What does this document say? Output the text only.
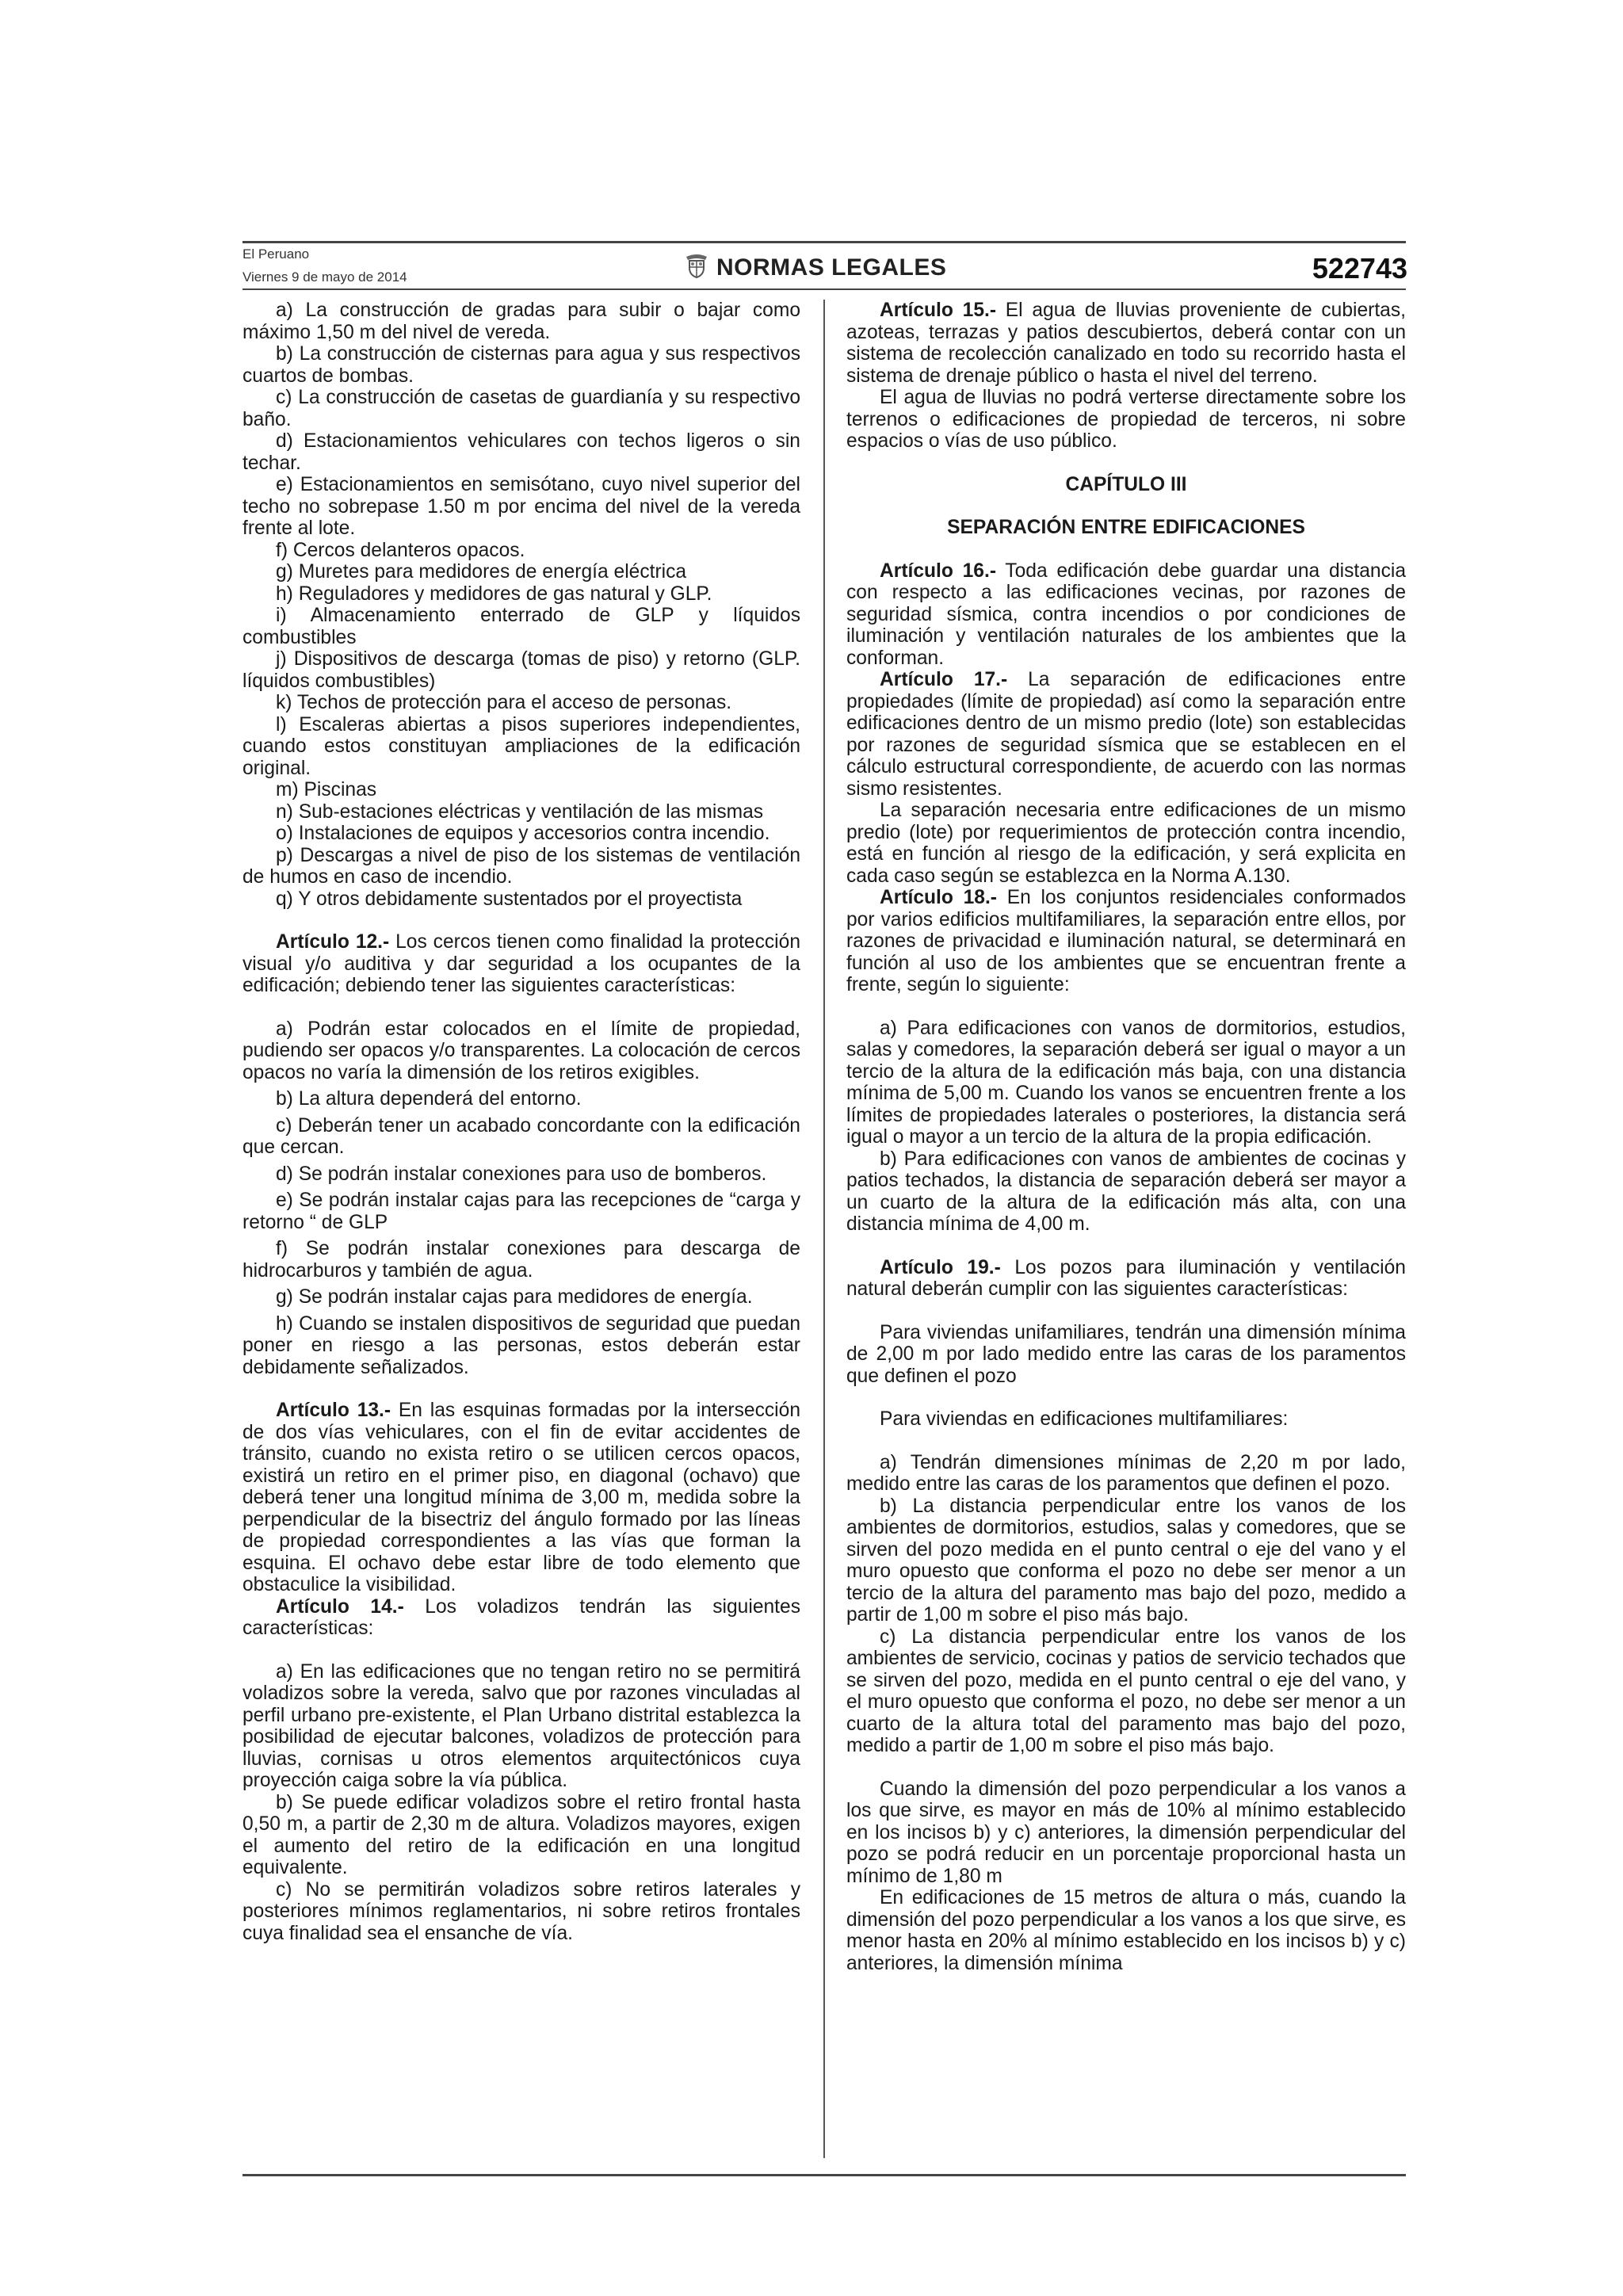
El Peruano
Viernes 9 de mayo de 2014	NORMAS LEGALES	522743

a) La construcción de gradas para subir o bajar como máximo 1,50 m del nivel de vereda.

b) La construcción de cisternas para agua y sus respectivos cuartos de bombas.

c) La construcción de casetas de guardianía y su respectivo baño.

d) Estacionamientos vehiculares con techos ligeros o sin techar.

e) Estacionamientos en semisótano, cuyo nivel superior del techo no sobrepase 1.50 m por encima del nivel de la vereda frente al lote.

f) Cercos delanteros opacos.

g) Muretes para medidores de energía eléctrica

h) Reguladores y medidores de gas natural y GLP.

i) Almacenamiento enterrado de GLP y líquidos combustibles

j) Dispositivos de descarga (tomas de piso) y retorno (GLP. líquidos combustibles)

k) Techos de protección para el acceso de personas.

l) Escaleras abiertas a pisos superiores independientes, cuando estos constituyan ampliaciones de la edificación original.

m) Piscinas

n) Sub-estaciones eléctricas y ventilación de las mismas

o) Instalaciones de equipos y accesorios contra incendio.

p) Descargas a nivel de piso de los sistemas de ventilación de humos en caso de incendio.

q) Y otros debidamente sustentados por el proyectista

Artículo 12.- Los cercos tienen como finalidad la protección visual y/o auditiva y dar seguridad a los ocupantes de la edificación; debiendo tener las siguientes características:

a) Podrán estar colocados en el límite de propiedad, pudiendo ser opacos y/o transparentes. La colocación de cercos opacos no varía la dimensión de los retiros exigibles.

b) La altura dependerá del entorno.

c) Deberán tener un acabado concordante con la edificación que cercan.

d) Se podrán instalar conexiones para uso de bomberos.

e) Se podrán instalar cajas para las recepciones de “carga y retorno “ de GLP

f) Se podrán instalar conexiones para descarga de hidrocarburos y también de agua.

g) Se podrán instalar cajas para medidores de energía.

h) Cuando se instalen dispositivos de seguridad que puedan poner en riesgo a las personas, estos deberán estar debidamente señalizados.

Artículo 13.- En las esquinas formadas por la intersección de dos vías vehiculares, con el fin de evitar accidentes de tránsito, cuando no exista retiro o se utilicen cercos opacos, existirá un retiro en el primer piso, en diagonal (ochavo) que deberá tener una longitud mínima de 3,00 m, medida sobre la perpendicular de la bisectriz del ángulo formado por las líneas de propiedad correspondientes a las vías que forman la esquina. El ochavo debe estar libre de todo elemento que obstaculice la visibilidad.

Artículo 14.- Los voladizos tendrán las siguientes características:

a) En las edificaciones que no tengan retiro no se permitirá voladizos sobre la vereda, salvo que por razones vinculadas al perfil urbano pre-existente, el Plan Urbano distrital establezca la posibilidad de ejecutar balcones, voladizos de protección para lluvias, cornisas u otros elementos arquitectónicos cuya proyección caiga sobre la vía pública.

b) Se puede edificar voladizos sobre el retiro frontal hasta 0,50 m, a partir de 2,30 m de altura. Voladizos mayores, exigen el aumento del retiro de la edificación en una longitud equivalente.

c) No se permitirán voladizos sobre retiros laterales y posteriores mínimos reglamentarios, ni sobre retiros frontales cuya finalidad sea el ensanche de vía.

Artículo 15.- El agua de lluvias proveniente de cubiertas, azoteas, terrazas y patios descubiertos, deberá contar con un sistema de recolección canalizado en todo su recorrido hasta el sistema de drenaje público o hasta el nivel del terreno.

El agua de lluvias no podrá verterse directamente sobre los terrenos o edificaciones de propiedad de terceros, ni sobre espacios o vías de uso público.

CAPÍTULO III

SEPARACIÓN ENTRE EDIFICACIONES

Artículo 16.- Toda edificación debe guardar una distancia con respecto a las edificaciones vecinas, por razones de seguridad sísmica, contra incendios o por condiciones de iluminación y ventilación naturales de los ambientes que la conforman.

Artículo 17.- La separación de edificaciones entre propiedades (límite de propiedad) así como la separación entre edificaciones dentro de un mismo predio (lote) son establecidas por razones de seguridad sísmica que se establecen en el cálculo estructural correspondiente, de acuerdo con las normas sismo resistentes.

La separación necesaria entre edificaciones de un mismo predio (lote) por requerimientos de protección contra incendio, está en función al riesgo de la edificación, y será explicita en cada caso según se establezca en la Norma A.130.

Artículo 18.- En los conjuntos residenciales conformados por varios edificios multifamiliares, la separación entre ellos, por razones de privacidad e iluminación natural, se determinará en función al uso de los ambientes que se encuentran frente a frente, según lo siguiente:

a) Para edificaciones con vanos de dormitorios, estudios, salas y comedores, la separación deberá ser igual o mayor a un tercio de la altura de la edificación más baja, con una distancia mínima de 5,00 m. Cuando los vanos se encuentren frente a los límites de propiedades laterales o posteriores, la distancia será igual o mayor a un tercio de la altura de la propia edificación.

b) Para edificaciones con vanos de ambientes de cocinas y patios techados, la distancia de separación deberá ser mayor a un cuarto de la altura de la edificación más alta, con una distancia mínima de 4,00 m.

Artículo 19.- Los pozos para iluminación y ventilación natural deberán cumplir con las siguientes características:

Para viviendas unifamiliares, tendrán una dimensión mínima de 2,00 m por lado medido entre las caras de los paramentos que definen el pozo

Para viviendas en edificaciones multifamiliares:

a) Tendrán dimensiones mínimas de 2,20 m por lado, medido entre las caras de los paramentos que definen el pozo.

b) La distancia perpendicular entre los vanos de los ambientes de dormitorios, estudios, salas y comedores, que se sirven del pozo medida en el punto central o eje del vano y el muro opuesto que conforma el pozo no debe ser menor a un tercio de la altura del paramento mas bajo del pozo, medido a partir de 1,00 m sobre el piso más bajo.

c) La distancia perpendicular entre los vanos de los ambientes de servicio, cocinas y patios de servicio techados que se sirven del pozo, medida en el punto central o eje del vano, y el muro opuesto que conforma el pozo, no debe ser menor a un cuarto de la altura total del paramento mas bajo del pozo, medido a partir de 1,00 m sobre el piso más bajo.

Cuando la dimensión del pozo perpendicular a los vanos a los que sirve, es mayor en más de 10% al mínimo establecido en los incisos b) y c) anteriores, la dimensión perpendicular del pozo se podrá reducir en un porcentaje proporcional hasta un mínimo de 1,80 m

En edificaciones de 15 metros de altura o más, cuando la dimensión del pozo perpendicular a los vanos a los que sirve, es menor hasta en 20% al mínimo establecido en los incisos b) y c) anteriores, la dimensión mínima
